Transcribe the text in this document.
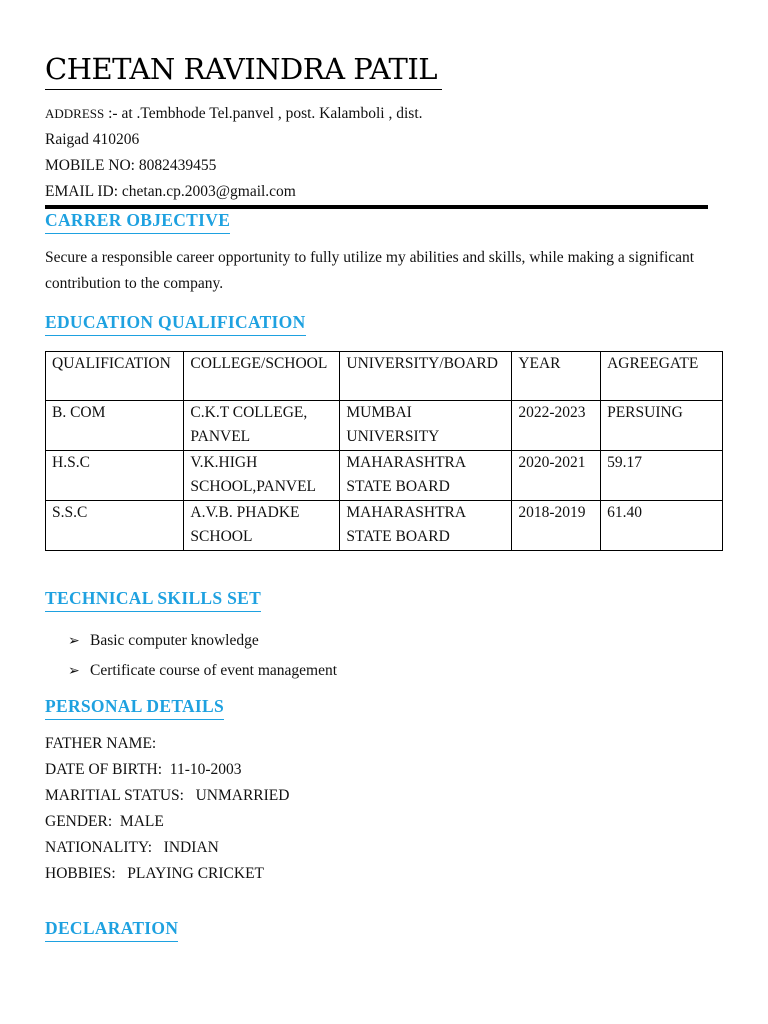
CHETAN RAVINDRA PATIL
ADDRESS :- at .Tembhode Tel.panvel , post. Kalamboli , dist.
Raigad 410206
MOBILE NO: 8082439455
EMAIL ID: chetan.cp.2003@gmail.com
CARRER OBJECTIVE
Secure a responsible career opportunity to fully utilize my abilities and skills, while making a significant contribution to the company.
EDUCATION QUALIFICATION
QUALIFICATION	COLLEGE/SCHOOL	UNIVERSITY/BOARD	YEAR	AGREEGATE
B. COM	C.K.T COLLEGE, PANVEL	MUMBAI UNIVERSITY	2022-2023	PERSUING
H.S.C	V.K.HIGH SCHOOL,PANVEL	MAHARASHTRA STATE BOARD	2020-2021	59.17
S.S.C	A.V.B. PHADKE SCHOOL	MAHARASHTRA STATE BOARD	2018-2019	61.40
TECHNICAL SKILLS SET
➢ Basic computer knowledge
➢ Certificate course of event management
PERSONAL DETAILS
FATHER NAME:
DATE OF BIRTH:  11-10-2003
MARITIAL STATUS:   UNMARRIED
GENDER:  MALE
NATIONALITY:   INDIAN
HOBBIES:   PLAYING CRICKET
DECLARATION
